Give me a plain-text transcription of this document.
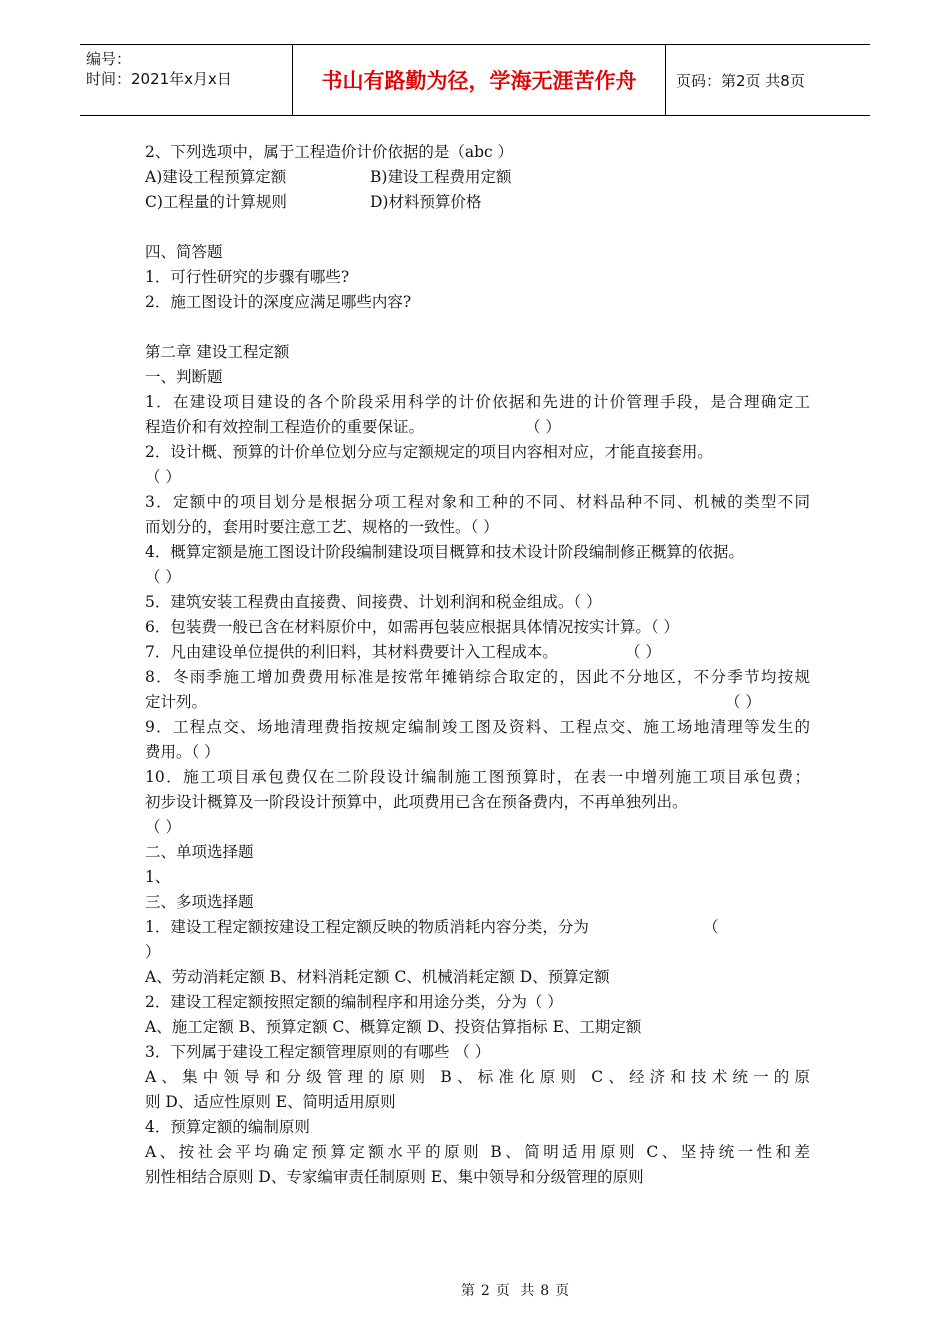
编号：
时间：2021年x月x日	书山有路勤为径，学海无涯苦作舟	页码：第2页 共8页

2、下列选项中，属于工程造价计价依据的是（abc ）

A)建设工程预算定额	B)建设工程费用定额
C)工程量的计算规则	D)材料预算价格

四、简答题

1．可行性研究的步骤有哪些?

2．施工图设计的深度应满足哪些内容?

第二章 建设工程定额

一、判断题

1．在建设项目建设的各个阶段采用科学的计价依据和先进的计价管理手段，是合理确定工

程造价和有效控制工程造价的重要保证。	（ ）

2．设计概、预算的计价单位划分应与定额规定的项目内容相对应，才能直接套用。

（ ）

3．定额中的项目划分是根据分项工程对象和工种的不同、材料品种不同、机械的类型不同

而划分的，套用时要注意工艺、规格的一致性。（ ）

4．概算定额是施工图设计阶段编制建设项目概算和技术设计阶段编制修正概算的依据。

（ ）

5．建筑安装工程费由直接费、间接费、计划利润和税金组成。（ ）

6．包装费一般已含在材料原价中，如需再包装应根据具体情况按实计算。（ ）

7．凡由建设单位提供的利旧料，其材料费要计入工程成本。	（ ）

8．冬雨季施工增加费费用标准是按常年摊销综合取定的，因此不分地区，不分季节均按规

定计列。	（ ）

9．工程点交、场地清理费指按规定编制竣工图及资料、工程点交、施工场地清理等发生的

费用。（ ）

10．施工项目承包费仅在二阶段设计编制施工图预算时，在表一中增列施工项目承包费；

初步设计概算及一阶段设计预算中，此项费用已含在预备费内，不再单独列出。

（ ）

二、单项选择题

1、

三、多项选择题

1．建设工程定额按建设工程定额反映的物质消耗内容分类，分为	（

）

A、劳动消耗定额 B、材料消耗定额 C、机械消耗定额 D、预算定额

2．建设工程定额按照定额的编制程序和用途分类，分为（ ）

A、施工定额 B、预算定额 C、概算定额 D、投资估算指标 E、工期定额

3．下列属于建设工程定额管理原则的有哪些 （ ）

A、集中领导和分级管理的原则 B、标准化原则 C、经济和技术统一的原

则 D、适应性原则 E、简明适用原则

4．预算定额的编制原则

A、按社会平均确定预算定额水平的原则 B、简明适用原则 C、坚持统一性和差

别性相结合原则 D、专家编审责任制原则 E、集中领导和分级管理的原则

第 2 页 共 8 页
